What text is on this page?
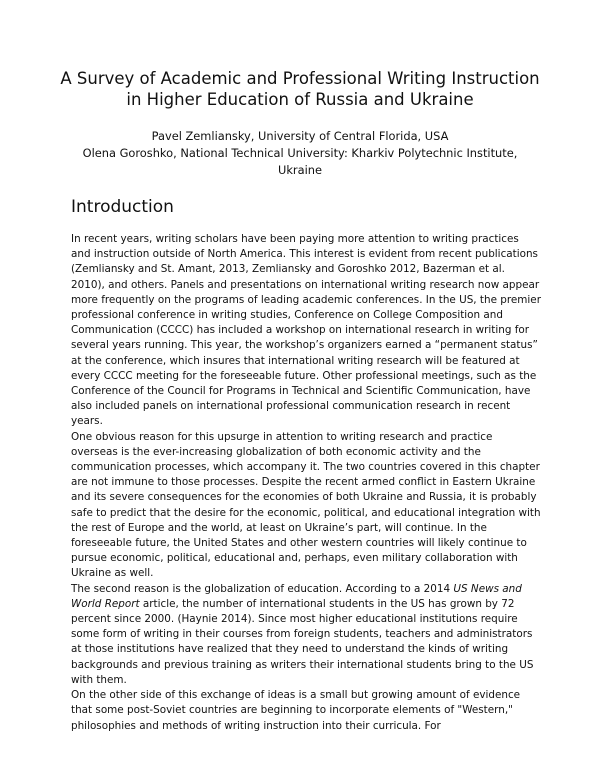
A Survey of Academic and Professional Writing Instruction
in Higher Education of Russia and Ukraine
Pavel Zemliansky, University of Central Florida, USA
Olena Goroshko, National Technical University: Kharkiv Polytechnic Institute,
Ukraine
Introduction

In recent years, writing scholars have been paying more attention to writing practices and instruction outside of North America. This interest is evident from recent publications (Zemliansky and St. Amant, 2013, Zemliansky and Goroshko 2012, Bazerman et al. 2010), and others. Panels and presentations on international writing research now appear more frequently on the programs of leading academic conferences. In the US, the premier professional conference in writing studies, Conference on College Composition and Communication (CCCC) has included a workshop on international research in writing for several years running. This year, the workshop’s organizers earned a “permanent status” at the conference, which insures that international writing research will be featured at every CCCC meeting for the foreseeable future. Other professional meetings, such as the Conference of the Council for Programs in Technical and Scientific Communication, have also included panels on international professional communication research in recent years.

One obvious reason for this upsurge in attention to writing research and practice overseas is the ever-increasing globalization of both economic activity and the communication processes, which accompany it. The two countries covered in this chapter are not immune to those processes. Despite the recent armed conflict in Eastern Ukraine and its severe consequences for the economies of both Ukraine and Russia, it is probably safe to predict that the desire for the economic, political, and educational integration with the rest of Europe and the world, at least on Ukraine’s part, will continue. In the foreseeable future, the United States and other western countries will likely continue to pursue economic, political, educational and, perhaps, even military collaboration with Ukraine as well.

The second reason is the globalization of education. According to a 2014 US News and World Report article, the number of international students in the US has grown by 72 percent since 2000. (Haynie 2014). Since most higher educational institutions require some form of writing in their courses from foreign students, teachers and administrators at those institutions have realized that they need to understand the kinds of writing backgrounds and previous training as writers their international students bring to the US with them.

On the other side of this exchange of ideas is a small but growing amount of evidence that some post-Soviet countries are beginning to incorporate elements of "Western," philosophies and methods of writing instruction into their curricula. For
